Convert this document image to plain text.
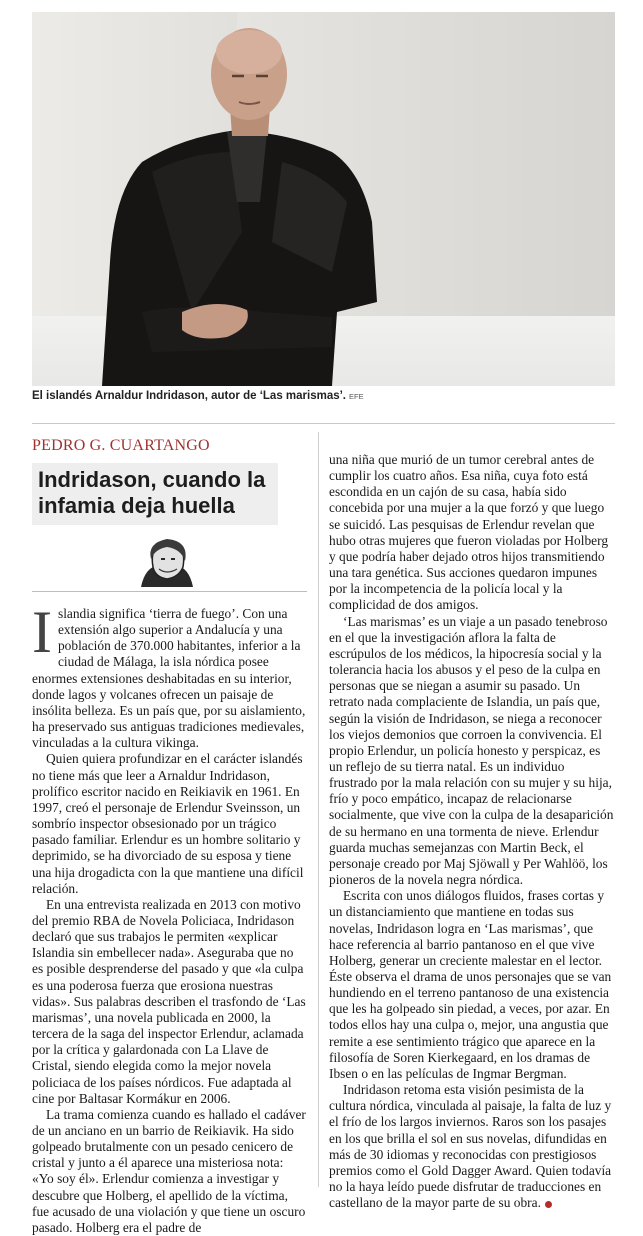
El islandés Arnaldur Indridason, autor de ‘Las marismas’. EFE
PEDRO G. CUARTANGO
Indridason, cuando la infamia deja huella

Islandia significa ‘tierra de fuego’. Con una extensión algo superior a Andalucía y una población de 370.000 habitantes, inferior a la ciudad de Málaga, la isla nórdica posee enormes extensiones deshabitadas en su interior, donde lagos y volcanes ofrecen un paisaje de insólita belleza. Es un país que, por su aislamiento, ha preservado sus antiguas tradiciones medievales, vinculadas a la cultura vikinga.

Quien quiera profundizar en el carácter islandés no tiene más que leer a Arnaldur Indridason, prolífico escritor nacido en Reikiavik en 1961. En 1997, creó el personaje de Erlendur Sveinsson, un sombrío inspector obsesionado por un trágico pasado familiar. Erlendur es un hombre solitario y deprimido, se ha divorciado de su esposa y tiene una hija drogadicta con la que mantiene una difícil relación.

En una entrevista realizada en 2013 con motivo del premio RBA de Novela Policiaca, Indridason declaró que sus trabajos le permiten «explicar Islandia sin embellecer nada». Aseguraba que no es posible desprenderse del pasado y que «la culpa es una poderosa fuerza que erosiona nuestras vidas». Sus palabras describen el trasfondo de ‘Las marismas’, una novela publicada en 2000, la tercera de la saga del inspector Erlendur, aclamada por la crítica y galardonada con La Llave de Cristal, siendo elegida como la mejor novela policiaca de los países nórdicos. Fue adaptada al cine por Baltasar Kormákur en 2006.

La trama comienza cuando es hallado el cadáver de un anciano en un barrio de Reikiavik. Ha sido golpeado brutalmente con un pesado cenicero de cristal y junto a él aparece una misteriosa nota: «Yo soy él». Erlendur comienza a investigar y descubre que Holberg, el apellido de la víctima, fue acusado de una violación y que tiene un oscuro pasado. Holberg era el padre de

una niña que murió de un tumor cerebral antes de cumplir los cuatro años. Esa niña, cuya foto está escondida en un cajón de su casa, había sido concebida por una mujer a la que forzó y que luego se suicidó. Las pesquisas de Erlendur revelan que hubo otras mujeres que fueron violadas por Holberg y que podría haber dejado otros hijos transmitiendo una tara genética. Sus acciones quedaron impunes por la incompetencia de la policía local y la complicidad de dos amigos.

‘Las marismas’ es un viaje a un pasado tenebroso en el que la investigación aflora la falta de escrúpulos de los médicos, la hipocresía social y la tolerancia hacia los abusos y el peso de la culpa en personas que se niegan a asumir su pasado. Un retrato nada complaciente de Islandia, un país que, según la visión de Indridason, se niega a reconocer los viejos demonios que corroen la convivencia. El propio Erlendur, un policía honesto y perspicaz, es un reflejo de su tierra natal. Es un individuo frustrado por la mala relación con su mujer y su hija, frío y poco empático, incapaz de relacionarse socialmente, que vive con la culpa de la desaparición de su hermano en una tormenta de nieve. Erlendur guarda muchas semejanzas con Martin Beck, el personaje creado por Maj Sjöwall y Per Wahlöö, los pioneros de la novela negra nórdica.

Escrita con unos diálogos fluidos, frases cortas y un distanciamiento que mantiene en todas sus novelas, Indridason logra en ‘Las marismas’, que hace referencia al barrio pantanoso en el que vive Holberg, generar un creciente malestar en el lector. Éste observa el drama de unos personajes que se van hundiendo en el terreno pantanoso de una existencia que les ha golpeado sin piedad, a veces, por azar. En todos ellos hay una culpa o, mejor, una angustia que remite a ese sentimiento trágico que aparece en la filosofía de Soren Kierkegaard, en los dramas de Ibsen o en las películas de Ingmar Bergman.

Indridason retoma esta visión pesimista de la cultura nórdica, vinculada al paisaje, la falta de luz y el frío de los largos inviernos. Raros son los pasajes en los que brilla el sol en sus novelas, difundidas en más de 30 idiomas y reconocidas con prestigiosos premios como el Gold Dagger Award. Quien todavía no la haya leído puede disfrutar de traducciones en castellano de la mayor parte de su obra.
